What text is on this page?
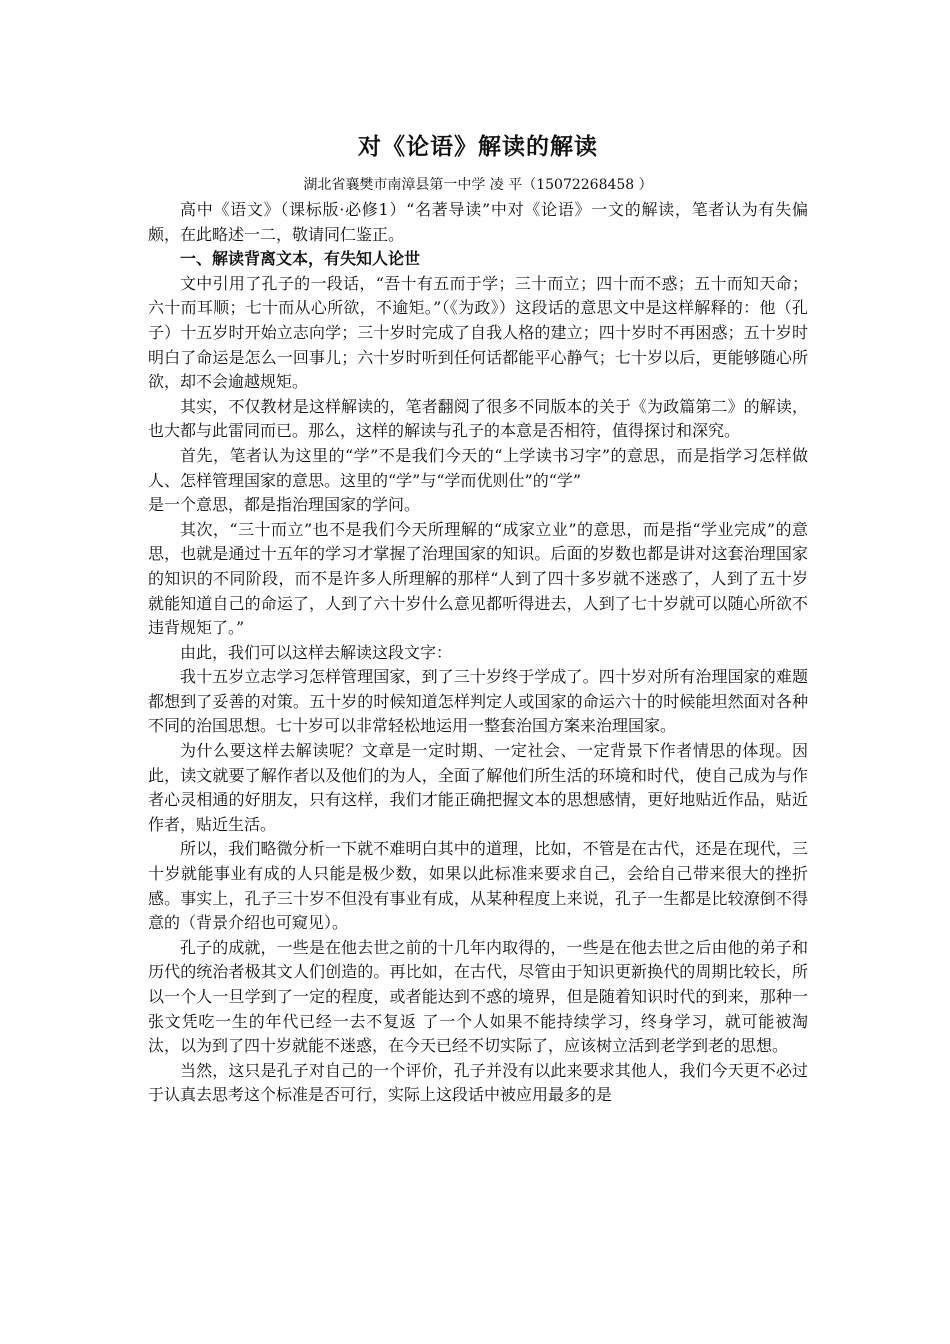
对《论语》解读的解读
湖北省襄樊市南漳县第一中学 凌 平（15072268458 ）

高中《语文》（课标版·必修1）“名著导读”中对《论语》一文的解读，笔者认为有失偏颇，在此略述一二，敬请同仁鉴正。

一、解读背离文本，有失知人论世

文中引用了孔子的一段话，“吾十有五而于学；三十而立；四十而不惑；五十而知天命；六十而耳顺；七十而从心所欲，不逾矩。”（《为政》）这段话的意思文中是这样解释的：他（孔子）十五岁时开始立志向学；三十岁时完成了自我人格的建立；四十岁时不再困惑；五十岁时明白了命运是怎么一回事儿；六十岁时听到任何话都能平心静气；七十岁以后，更能够随心所欲，却不会逾越规矩。

其实，不仅教材是这样解读的，笔者翻阅了很多不同版本的关于《为政篇第二》的解读，也大都与此雷同而已。那么，这样的解读与孔子的本意是否相符，值得探讨和深究。

首先，笔者认为这里的“学”不是我们今天的“上学读书习字”的意思，而是指学习怎样做人、怎样管理国家的意思。这里的“学”与“学而优则仕”的“学”

是一个意思，都是指治理国家的学问。

其次，“三十而立”也不是我们今天所理解的“成家立业”的意思，而是指“学业完成”的意思，也就是通过十五年的学习才掌握了治理国家的知识。后面的岁数也都是讲对这套治理国家的知识的不同阶段，而不是许多人所理解的那样“人到了四十多岁就不迷惑了，人到了五十岁就能知道自己的命运了，人到了六十岁什么意见都听得进去，人到了七十岁就可以随心所欲不违背规矩了。”

由此，我们可以这样去解读这段文字：

我十五岁立志学习怎样管理国家，到了三十岁终于学成了。四十岁对所有治理国家的难题都想到了妥善的对策。五十岁的时候知道怎样判定人或国家的命运六十的时候能坦然面对各种不同的治国思想。七十岁可以非常轻松地运用一整套治国方案来治理国家。

为什么要这样去解读呢？文章是一定时期、一定社会、一定背景下作者情思的体现。因此，读文就要了解作者以及他们的为人，全面了解他们所生活的环境和时代，使自己成为与作者心灵相通的好朋友，只有这样，我们才能正确把握文本的思想感情，更好地贴近作品，贴近作者，贴近生活。

所以，我们略微分析一下就不难明白其中的道理，比如，不管是在古代，还是在现代，三十岁就能事业有成的人只能是极少数，如果以此标准来要求自己，会给自己带来很大的挫折感。事实上，孔子三十岁不但没有事业有成，从某种程度上来说，孔子一生都是比较潦倒不得意的（背景介绍也可窥见）。

孔子的成就，一些是在他去世之前的十几年内取得的，一些是在他去世之后由他的弟子和历代的统治者极其文人们创造的。再比如，在古代，尽管由于知识更新换代的周期比较长，所以一个人一旦学到了一定的程度，或者能达到不惑的境界，但是随着知识时代的到来，那种一张文凭吃一生的年代已经一去不复返 了一个人如果不能持续学习，终身学习，就可能被淘汰，以为到了四十岁就能不迷惑，在今天已经不切实际了，应该树立活到老学到老的思想。

当然，这只是孔子对自己的一个评价，孔子并没有以此来要求其他人，我们今天更不必过于认真去思考这个标准是否可行，实际上这段话中被应用最多的是
